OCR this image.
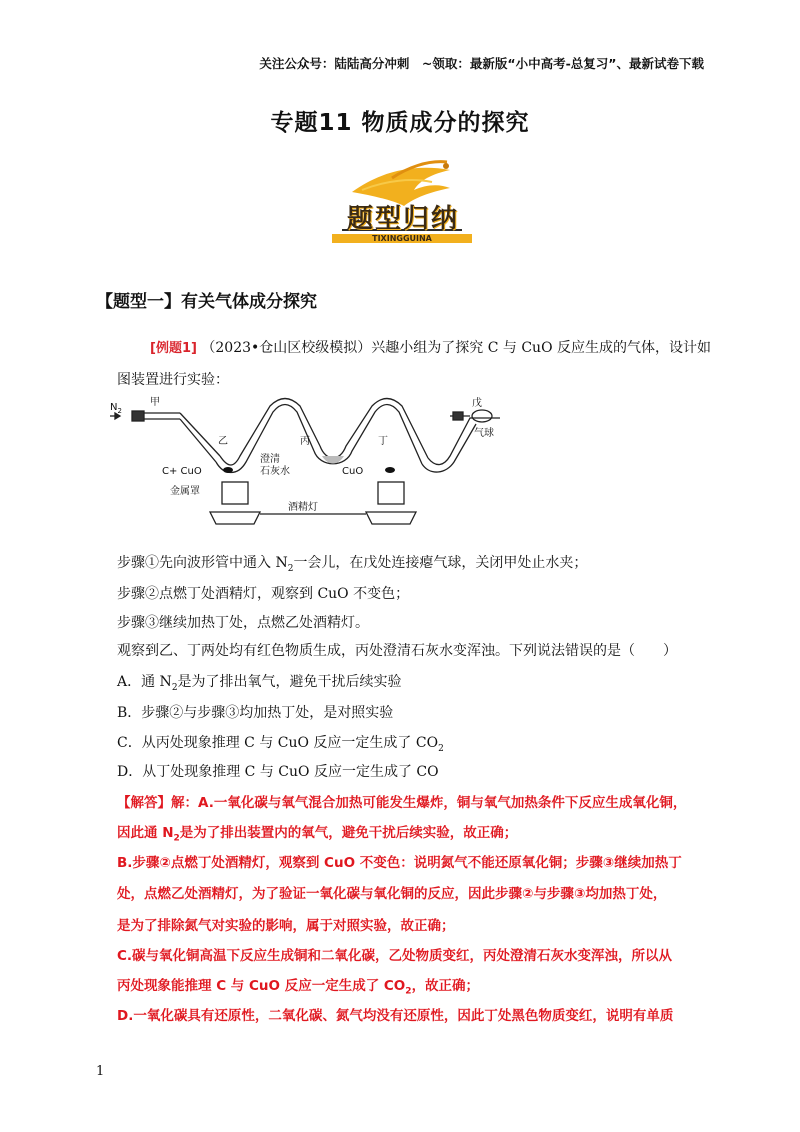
关注公众号：陆陆高分冲刺　~领取：最新版“小中高考-总复习”、最新试卷下载
专题11 物质成分的探究
题型归纳
TIXINGGUINA
【题型一】有关气体成分探究
[例题1] （2023•仓山区校级模拟）兴趣小组为了探究 C 与 CuO 反应生成的气体，设计如
图装置进行实验：
$N_2$
甲	戊
乙	丙	丁
澄清
石灰水
气球
C+ CuO	CuO
金属罩
酒精灯
步骤①先向波形管中通入 $N_2$一会儿，在戊处连接瘪气球，关闭甲处止水夹；
步骤②点燃丁处酒精灯，观察到 CuO 不变色；
步骤③继续加热丁处，点燃乙处酒精灯。
观察到乙、丁两处均有红色物质生成，丙处澄清石灰水变浑浊。下列说法错误的是（　　）
A．通 $N_2$是为了排出氧气，避免干扰后续实验
B．步骤②与步骤③均加热丁处，是对照实验
C．从丙处现象推理 C 与 CuO 反应一定生成了 $CO_2$
D．从丁处现象推理 C 与 CuO 反应一定生成了 CO
【解答】解：A.一氧化碳与氧气混合加热可能发生爆炸，铜与氧气加热条件下反应生成氧化铜，
因此通 $N_2$是为了排出装置内的氧气，避免干扰后续实验，故正确；
B.步骤②点燃丁处酒精灯，观察到 CuO 不变色：说明氮气不能还原氧化铜；步骤③继续加热丁
处，点燃乙处酒精灯，为了验证一氧化碳与氧化铜的反应，因此步骤②与步骤③均加热丁处，
是为了排除氮气对实验的影响，属于对照实验，故正确；
C.碳与氧化铜高温下反应生成铜和二氧化碳，乙处物质变红，丙处澄清石灰水变浑浊，所以从
丙处现象能推理 C 与 CuO 反应一定生成了 $CO_2$，故正确；
D.一氧化碳具有还原性，二氧化碳、氮气均没有还原性，因此丁处黑色物质变红，说明有单质
1
